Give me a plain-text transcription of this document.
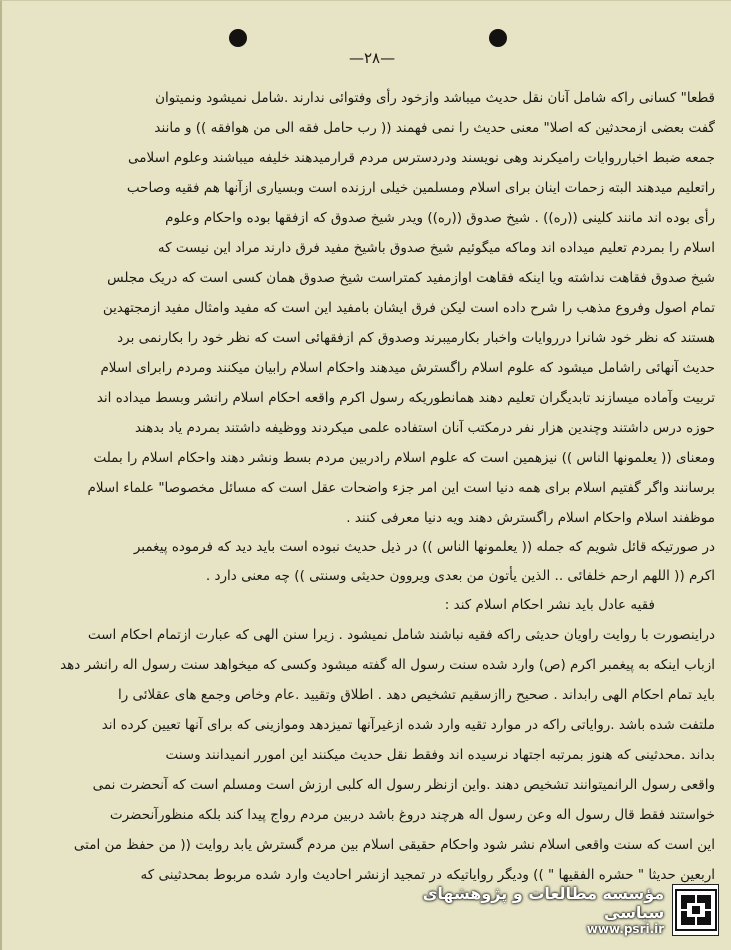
—٢٨—
قطعا" کسانی راکه شامل آنان نقل حدیث میباشد وازخود رأی وفتوائی ندارند .شامل نمیشود ونمیتوان
گفت بعضی ازمحدثین که اصلا" معنی حدیث را نمی فهمند (( رب حامل فقه الی من هوافقه )) و مانند
جمعه ضبط اخبارروایات رامیکرند وهی نویسند ودردسترس مردم قرارمیدهند خلیفه میباشند وعلوم اسلامی
راتعلیم میدهند البته زحمات اینان برای اسلام ومسلمین خیلی ارزنده است وبسیاری ازآنها هم فقیه وصاحب
رأی بوده اند مانند کلینی ((ره)) . شیخ صدوق ((ره)) ویدر شیخ صدوق که ازفقها بوده واحکام وعلوم
اسلام را بمردم تعلیم میداده اند وماکه میگوئیم شیخ صدوق باشیخ مفید فرق دارند مراد این نیست که
شیخ صدوق فقاهت نداشته ویا اینکه فقاهت اوازمفید کمتراست شیخ صدوق همان کسی است که دریک مجلس
تمام اصول وفروع مذهب را شرح داده است لیکن فرق ایشان بامفید این است که مفید وامثال مفید ازمجتهدین
هستند که نظر خود شانرا درروایات واخبار بکارمیبرند وصدوق کم ازفقهائی است که نظر خود را بکارنمی برد
حدیث آنهائی راشامل میشود که علوم اسلام راگسترش میدهند واحکام اسلام رابیان میکنند ومردم رابرای اسلام
تربیت وآماده میسازند تابدیگران تعلیم دهند همانطوریکه رسول اکرم واقعه احکام اسلام رانشر وبسط میداده اند
حوزه درس داشتند وچندین هزار نفر درمکتب آنان استفاده علمی میکردند ووظیفه داشتند بمردم یاد بدهند
ومعنای (( یعلمونها الناس )) نیزهمین است که علوم اسلام رادربین مردم بسط ونشر دهند واحکام اسلام را بملت
برسانند واگر گفتیم اسلام برای همه دنیا است این امر جزء واضحات عقل است که مسائل مخصوصا" علماء اسلام
موظفند اسلام واحکام اسلام راگسترش دهند ویه دنیا معرفی کنند .
در صورتیکه قائل شویم که جمله (( یعلمونها الناس )) در ذیل حدیث نبوده است باید دید که فرموده پیغمبر
اکرم (( اللهم ارحم خلفائی .. الذین یأتون من بعدی ویروون حدیثی وسنتی )) چه معنی دارد .
فقیه عادل باید نشر احکام اسلام کند :
دراینصورت با روایت راویان حدیثی راکه فقیه نباشند شامل نمیشود . زیرا سنن الهی که عبارت ازتمام احکام است
ازباب اینکه به پیغمبر اکرم (ص) وارد شده سنت رسول اله گفته میشود وکسی که میخواهد سنت رسول اله رانشر دهد
باید تمام احکام الهی رابداند . صحیح راازسقیم تشخیص دهد . اطلاق وتقیید .عام وخاص وجمع های عقلائی را
ملتفت شده باشد .روایاتی راکه در موارد تقیه وارد شده ازغیرآنها تمیزدهد وموازینی که برای آنها تعیین کرده اند
بداند .محدثینی که هنوز بمرتبه اجتهاد نرسیده اند وفقط نقل حدیث میکنند این امورر انمیدانند وسنت
واقعی رسول الرانمیتوانند تشخیص دهند .واین ازنظر رسول اله کلبی ارزش است ومسلم است که آنحضرت نمی
خواستند فقط قال رسول اله وعن رسول اله هرچند دروغ باشد دربین مردم رواج پیدا کند بلکه منظورآنحضرت
این است که سنت واقعی اسلام نشر شود واحکام حقیقی اسلام بین مردم گسترش یابد روایت (( من حفظ من امتی
اربعین حدیثا " حشره الفقیها " )) ودیگر روایاتیکه در تمجید ازنشر احادیث وارد شده مربوط بمحدثینی که
مؤسسه مطالعات و پژوهشهای سیاسی
www.psri.ir
